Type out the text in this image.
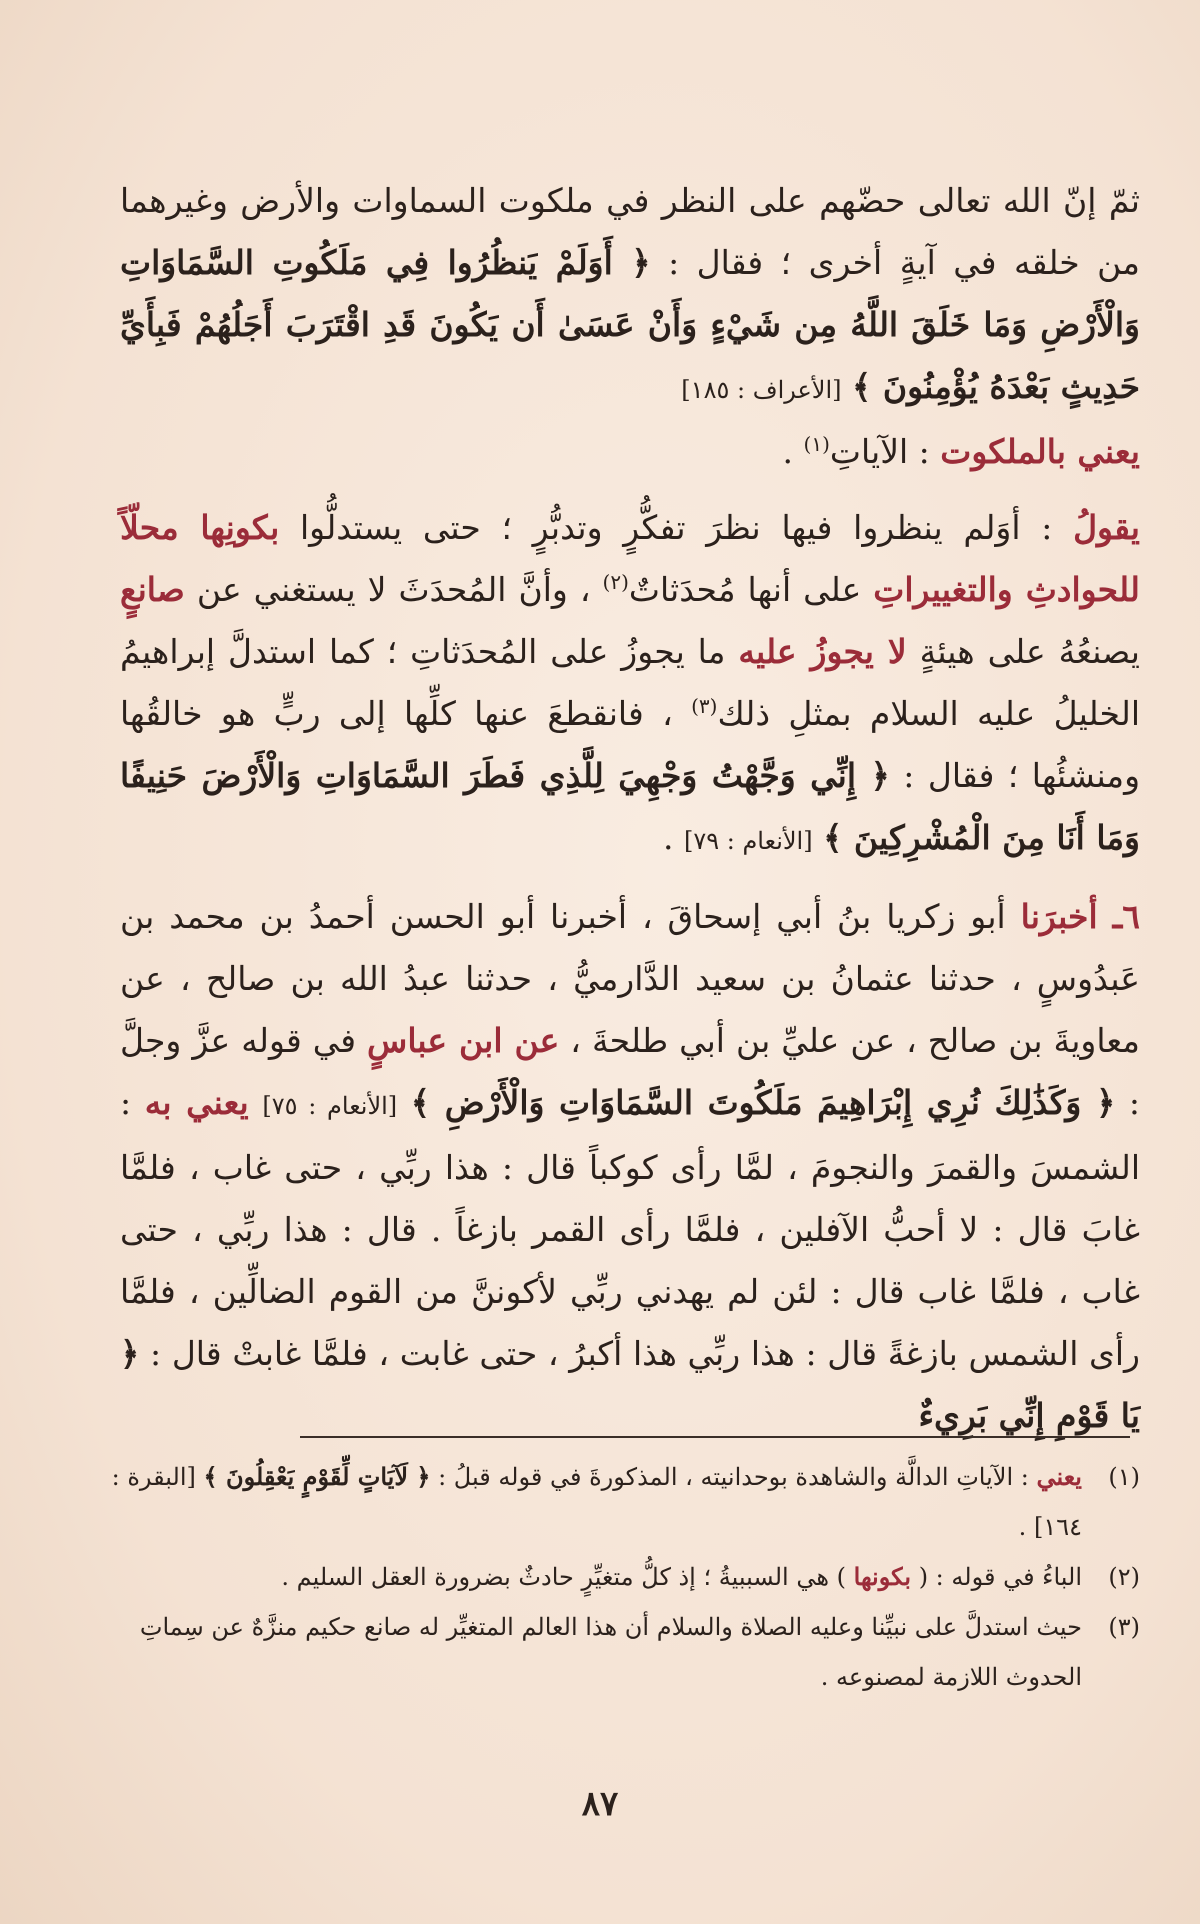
ثمّ إنّ الله تعالى حضّهم على النظر في ملكوت السماوات والأرض وغيرهما من خلقه في آيةٍ أخرى ؛ فقال : ﴿ أَوَلَمْ يَنظُرُوا فِي مَلَكُوتِ السَّمَاوَاتِ وَالْأَرْضِ وَمَا خَلَقَ اللَّهُ مِن شَيْءٍ وَأَنْ عَسَىٰ أَن يَكُونَ قَدِ اقْتَرَبَ أَجَلُهُمْ فَبِأَيِّ حَدِيثٍ بَعْدَهُ يُؤْمِنُونَ ﴾ [الأعراف : ١٨٥]

يعني بالملكوت : الآياتِ$^{(١)}$ .

يقولُ : أوَلم ينظروا فيها نظرَ تفكُّرٍ وتدبُّرٍ ؛ حتى يستدلُّوا بكونِها محلّاً للحوادثِ والتغييراتِ على أنها مُحدَثاتٌ$^{(٢)}$ ، وأنَّ المُحدَثَ لا يستغني عن صانعٍ يصنعُهُ على هيئةٍ لا يجوزُ عليه ما يجوزُ على المُحدَثاتِ ؛ كما استدلَّ إبراهيمُ الخليلُ عليه السلام بمثلِ ذلك$^{(٣)}$ ، فانقطعَ عنها كلِّها إلى ربٍّ هو خالقُها ومنشئُها ؛ فقال : ﴿ إِنِّي وَجَّهْتُ وَجْهِيَ لِلَّذِي فَطَرَ السَّمَاوَاتِ وَالْأَرْضَ حَنِيفًا وَمَا أَنَا مِنَ الْمُشْرِكِينَ ﴾ [الأنعام : ٧٩] .

٦ـ أخبرَنا أبو زكريا بنُ أبي إسحاقَ ، أخبرنا أبو الحسن أحمدُ بن محمد بن عَبدُوسٍ ، حدثنا عثمانُ بن سعيد الدَّارميُّ ، حدثنا عبدُ الله بن صالح ، عن معاويةَ بن صالح ، عن عليِّ بن أبي طلحةَ ، عن ابن عباسٍ في قوله عزَّ وجلَّ : ﴿ وَكَذَٰلِكَ نُرِي إِبْرَاهِيمَ مَلَكُوتَ السَّمَاوَاتِ وَالْأَرْضِ ﴾ [الأنعام : ٧٥] يعني به : الشمسَ والقمرَ والنجومَ ، لمَّا رأى كوكباً قال : هذا ربِّي ، حتى غاب ، فلمَّا غابَ قال : لا أحبُّ الآفلين ، فلمَّا رأى القمر بازغاً . قال : هذا ربِّي ، حتى غاب ، فلمَّا غاب قال : لئن لم يهدني ربِّي لأكوننَّ من القوم الضالِّين ، فلمَّا رأى الشمس بازغةً قال : هذا ربِّي هذا أكبرُ ، حتى غابت ، فلمَّا غابتْ قال : ﴿ يَا قَوْمِ إِنِّي بَرِيءٌ

(١)
يعني : الآياتِ الدالَّة والشاهدة بوحدانيته ، المذكورةَ في قوله قبلُ : ﴿ لَآيَاتٍ لِّقَوْمٍ يَعْقِلُونَ ﴾ [البقرة : ١٦٤] .

(٢)
الباءُ في قوله : ( بكونها ) هي السببيةُ ؛ إذ كلُّ متغيِّرٍ حادثٌ بضرورة العقل السليم .

(٣)
حيث استدلَّ على نبيِّنا وعليه الصلاة والسلام أن هذا العالم المتغيِّر له صانع حكيم منزَّهٌ عن سِماتِ الحدوث اللازمة لمصنوعه .

٨٧
